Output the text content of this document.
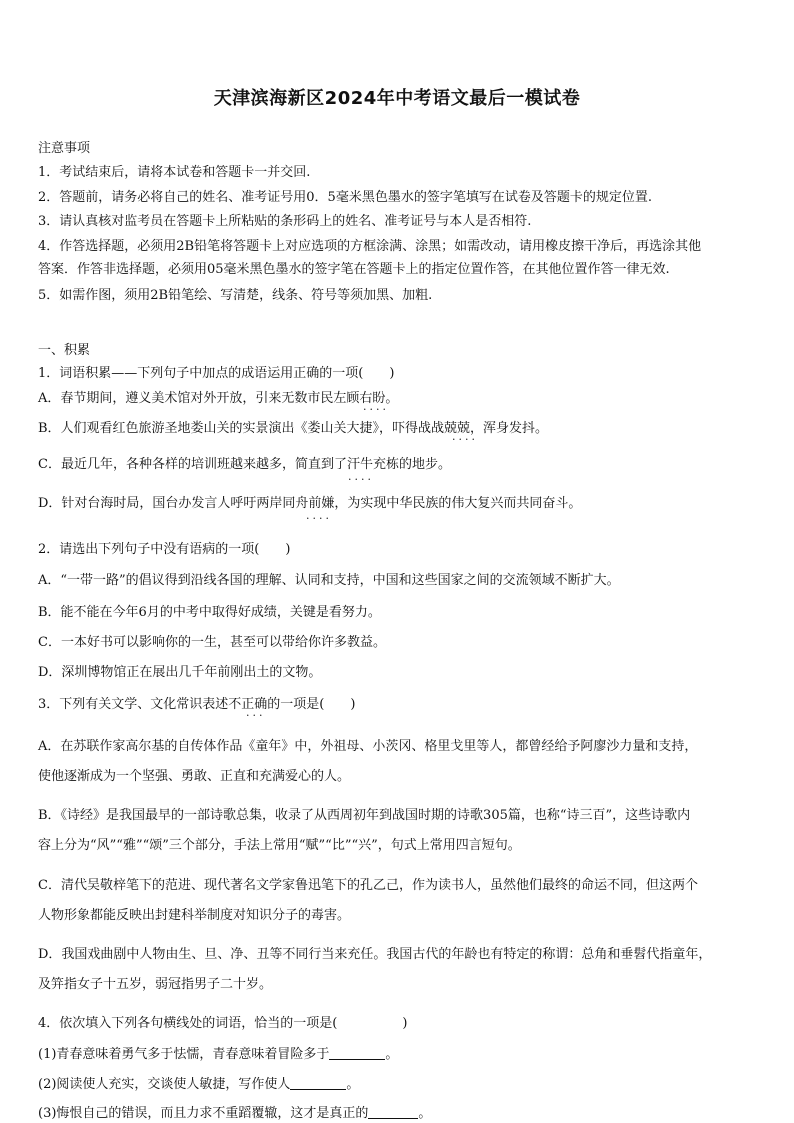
天津滨海新区2024年中考语文最后一模试卷
注意事项
1．考试结束后，请将本试卷和答题卡一并交回.
2．答题前，请务必将自己的姓名、准考证号用0．5毫米黑色墨水的签字笔填写在试卷及答题卡的规定位置.
3．请认真核对监考员在答题卡上所粘贴的条形码上的姓名、准考证号与本人是否相符.
4．作答选择题，必须用2B铅笔将答题卡上对应选项的方框涂满、涂黑；如需改动，请用橡皮擦干净后，再选涂其他
答案．作答非选择题，必须用05毫米黑色墨水的签字笔在答题卡上的指定位置作答，在其他位置作答一律无效.
5．如需作图，须用2B铅笔绘、写清楚，线条、符号等须加黑、加粗.
一、积累
1．词语积累——下列句子中加点的成语运用正确的一项(　　)
A．春节期间，遵义美术馆对外开放，引来无数市民左顾右盼。
····
B．人们观看红色旅游圣地娄山关的实景演出《娄山关大捷》，吓得战战兢兢，浑身发抖。
····
C．最近几年，各种各样的培训班越来越多，简直到了汗牛充栋的地步。
····
D．针对台海时局，国台办发言人呼吁两岸同舟前嫌，为实现中华民族的伟大复兴而共同奋斗。
····
2．请选出下列句子中没有语病的一项(　　)
A．“一带一路”的倡议得到沿线各国的理解、认同和支持，中国和这些国家之间的交流领域不断扩大。
B．能不能在今年6月的中考中取得好成绩，关键是看努力。
C．一本好书可以影响你的一生，甚至可以带给你许多教益。
D．深圳博物馆正在展出几千年前刚出土的文物。
3．下列有关文学、文化常识表述不正确的一项是(　　)
···
A．在苏联作家高尔基的自传体作品《童年》中，外祖母、小茨冈、格里戈里等人，都曾经给予阿廖沙力量和支持，
使他逐渐成为一个坚强、勇敢、正直和充满爱心的人。
B．《诗经》是我国最早的一部诗歌总集，收录了从西周初年到战国时期的诗歌305篇，也称“诗三百”，这些诗歌内
容上分为“风”“雅”“颂”三个部分，手法上常用“赋”“比”“兴”，句式上常用四言短句。
C．清代吴敬梓笔下的范进、现代著名文学家鲁迅笔下的孔乙己，作为读书人，虽然他们最终的命运不同，但这两个
人物形象都能反映出封建科举制度对知识分子的毒害。
D．我国戏曲剧中人物由生、旦、净、丑等不同行当来充任。我国古代的年龄也有特定的称谓：总角和垂髫代指童年，
及笄指女子十五岁，弱冠指男子二十岁。
4．依次填入下列各句横线处的词语，恰当的一项是(　　　　　)
(1)青春意味着勇气多于怯懦，青春意味着冒险多于	。
(2)阅读使人充实，交谈使人敏捷，写作使人	。
(3)悔恨自己的错误，而且力求不重蹈覆辙，这才是真正的	。
